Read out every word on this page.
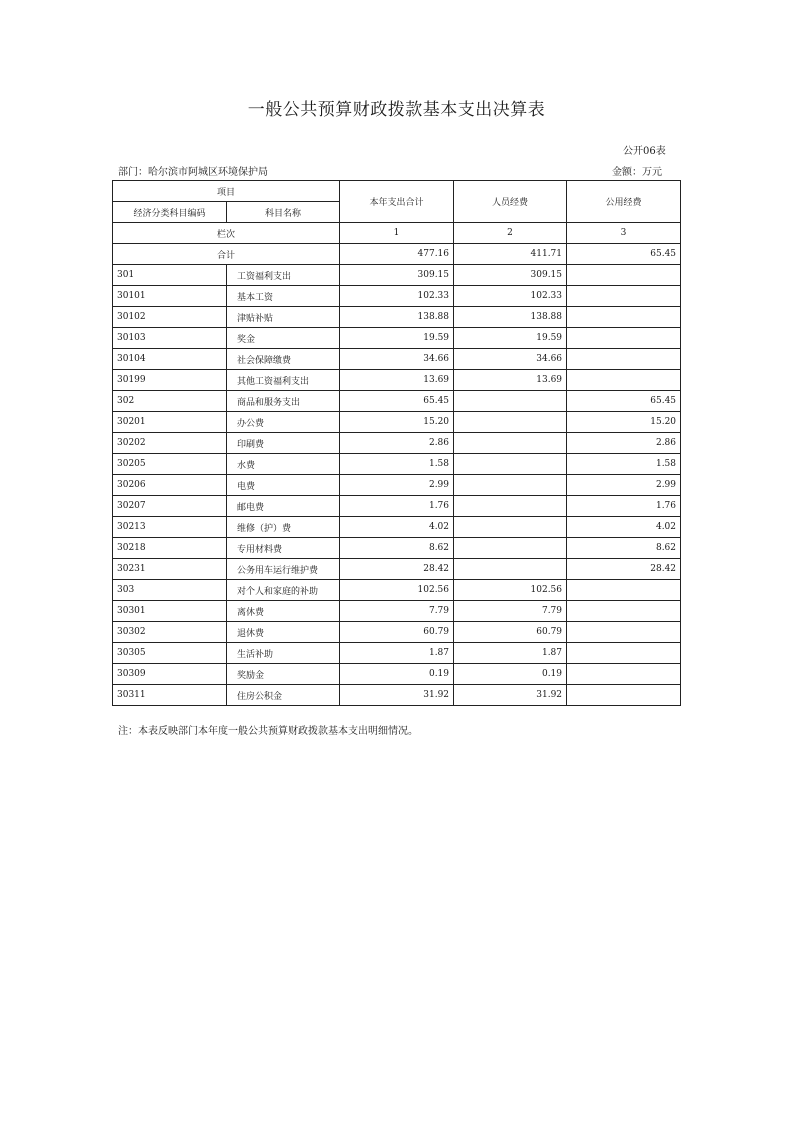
一般公共预算财政拨款基本支出决算表
公开06表
部门：哈尔滨市阿城区环境保护局	金额：万元
项目		本年支出合计	人员经费	公用经费
经济分类科目编码	科目名称			
栏次		1	2	3
合计		477.16	411.71	65.45
301	工资福利支出	309.15	309.15	
30101	基本工资	102.33	102.33	
30102	津贴补贴	138.88	138.88	
30103	奖金	19.59	19.59	
30104	社会保障缴费	34.66	34.66	
30199	其他工资福利支出	13.69	13.69	
302	商品和服务支出	65.45		65.45
30201	办公费	15.20		15.20
30202	印刷费	2.86		2.86
30205	水费	1.58		1.58
30206	电费	2.99		2.99
30207	邮电费	1.76		1.76
30213	维修（护）费	4.02		4.02
30218	专用材料费	8.62		8.62
30231	公务用车运行维护费	28.42		28.42
303	对个人和家庭的补助	102.56	102.56	
30301	离休费	7.79	7.79	
30302	退休费	60.79	60.79	
30305	生活补助	1.87	1.87	
30309	奖励金	0.19	0.19	
30311	住房公积金	31.92	31.92	
注：本表反映部门本年度一般公共预算财政拨款基本支出明细情况。
